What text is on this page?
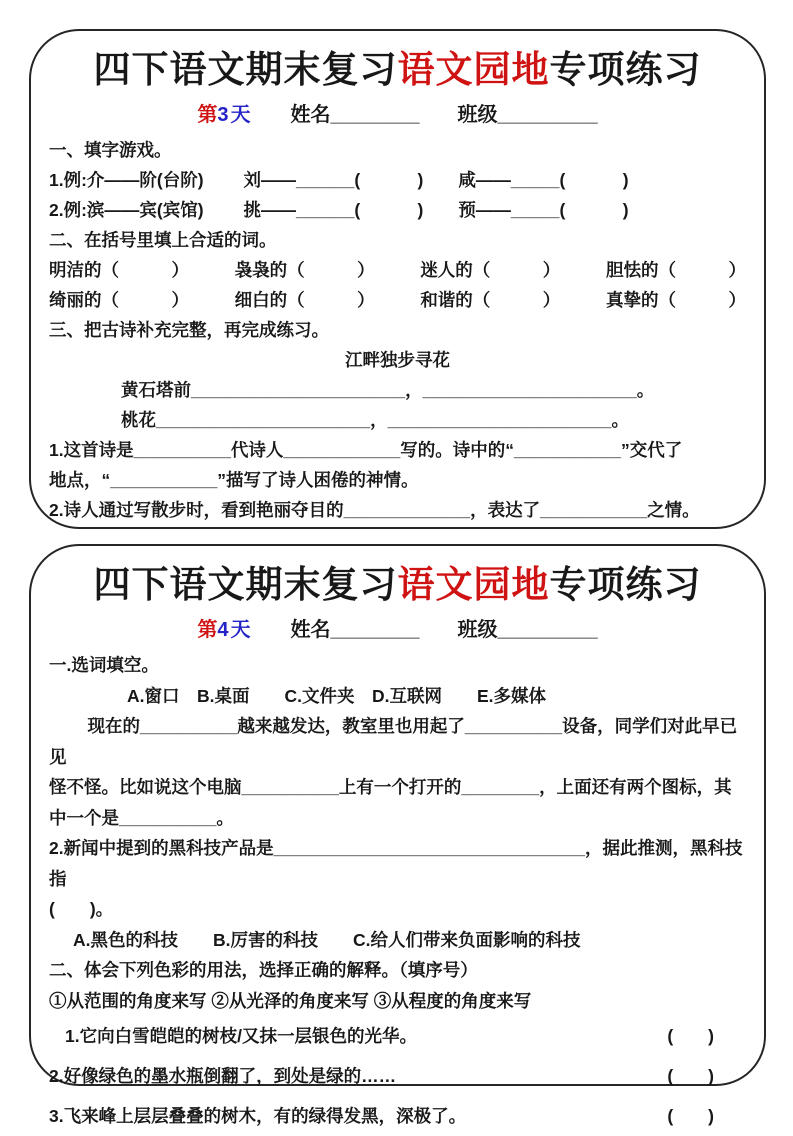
四下语文期末复习语文园地专项练习
第3天 姓名________ 班级_________
一、填字游戏。
1.例:介——阶(台阶)　　 刘——______(　　　 )　　咸——_____(　　　 )
2.例:滨——宾(宾馆)　　 挑——______(　　　 )　　预——_____(　　　 )
二、在括号里填上合适的词。
明洁的（　　　）	袅袅的（　　　）	迷人的（　　　）	胆怯的（　　　）
绮丽的（　　　）	细白的（　　　）	和谐的（　　　）	真挚的（　　　）
三、把古诗补充完整，再完成练习。
江畔独步寻花
黄石塔前______________________，______________________。
桃花______________________，_______________________。
1.这首诗是__________代诗人____________写的。诗中的“___________”交代了
地点，“___________”描写了诗人困倦的神情。
2.诗人通过写散步时，看到艳丽夺目的_____________，表达了___________之情。
四下语文期末复习语文园地专项练习
第4天 姓名________ 班级_________
一.选词填空。
A.窗口　B.桌面　　C.文件夹　D.互联网　　E.多媒体
现在的__________越来越发达，教室里也用起了__________设备，同学们对此早已见
怪不怪。比如说这个电脑__________上有一个打开的________，上面还有两个图标，其
中一个是__________。
2.新闻中提到的黑科技产品是________________________________，据此推测，黑科技指
(　　)。
A.黑色的科技　　B.厉害的科技　　C.给人们带来负面影响的科技
二、体会下列色彩的用法，选择正确的解释。（填序号）
①从范围的角度来写 ②从光泽的角度来写 ③从程度的角度来写
1.它向白雪皑皑的树枝/又抹一层银色的光华。	(　　)
2.好像绿色的墨水瓶倒翻了，到处是绿的……	(　　)
3.飞来峰上层层叠叠的树木，有的绿得发黑，深极了。	(　　)
